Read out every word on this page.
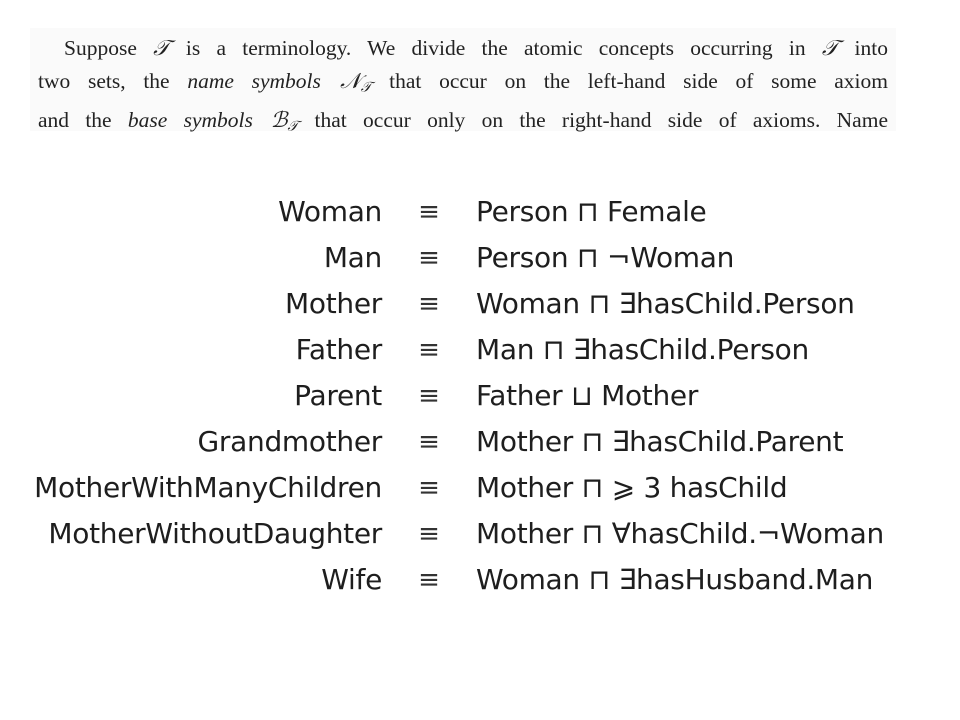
Suppose 𝒯 is a terminology. We divide the atomic concepts occurring in 𝒯 into
two sets, the name symbols 𝒩$_𝒯$ that occur on the left-hand side of some axiom
and the base symbols ℬ$_𝒯$ that occur only on the right-hand side of axioms. Name
Woman ≡ Person ⊓ Female
Man ≡ Person ⊓ ¬Woman
Mother ≡ Woman ⊓ ∃hasChild.Person
Father ≡ Man ⊓ ∃hasChild.Person
Parent ≡ Father ⊔ Mother
Grandmother ≡ Mother ⊓ ∃hasChild.Parent
MotherWithManyChildren ≡ Mother ⊓ ⩾ 3 hasChild
MotherWithoutDaughter ≡ Mother ⊓ ∀hasChild.¬Woman
Wife ≡ Woman ⊓ ∃hasHusband.Man
